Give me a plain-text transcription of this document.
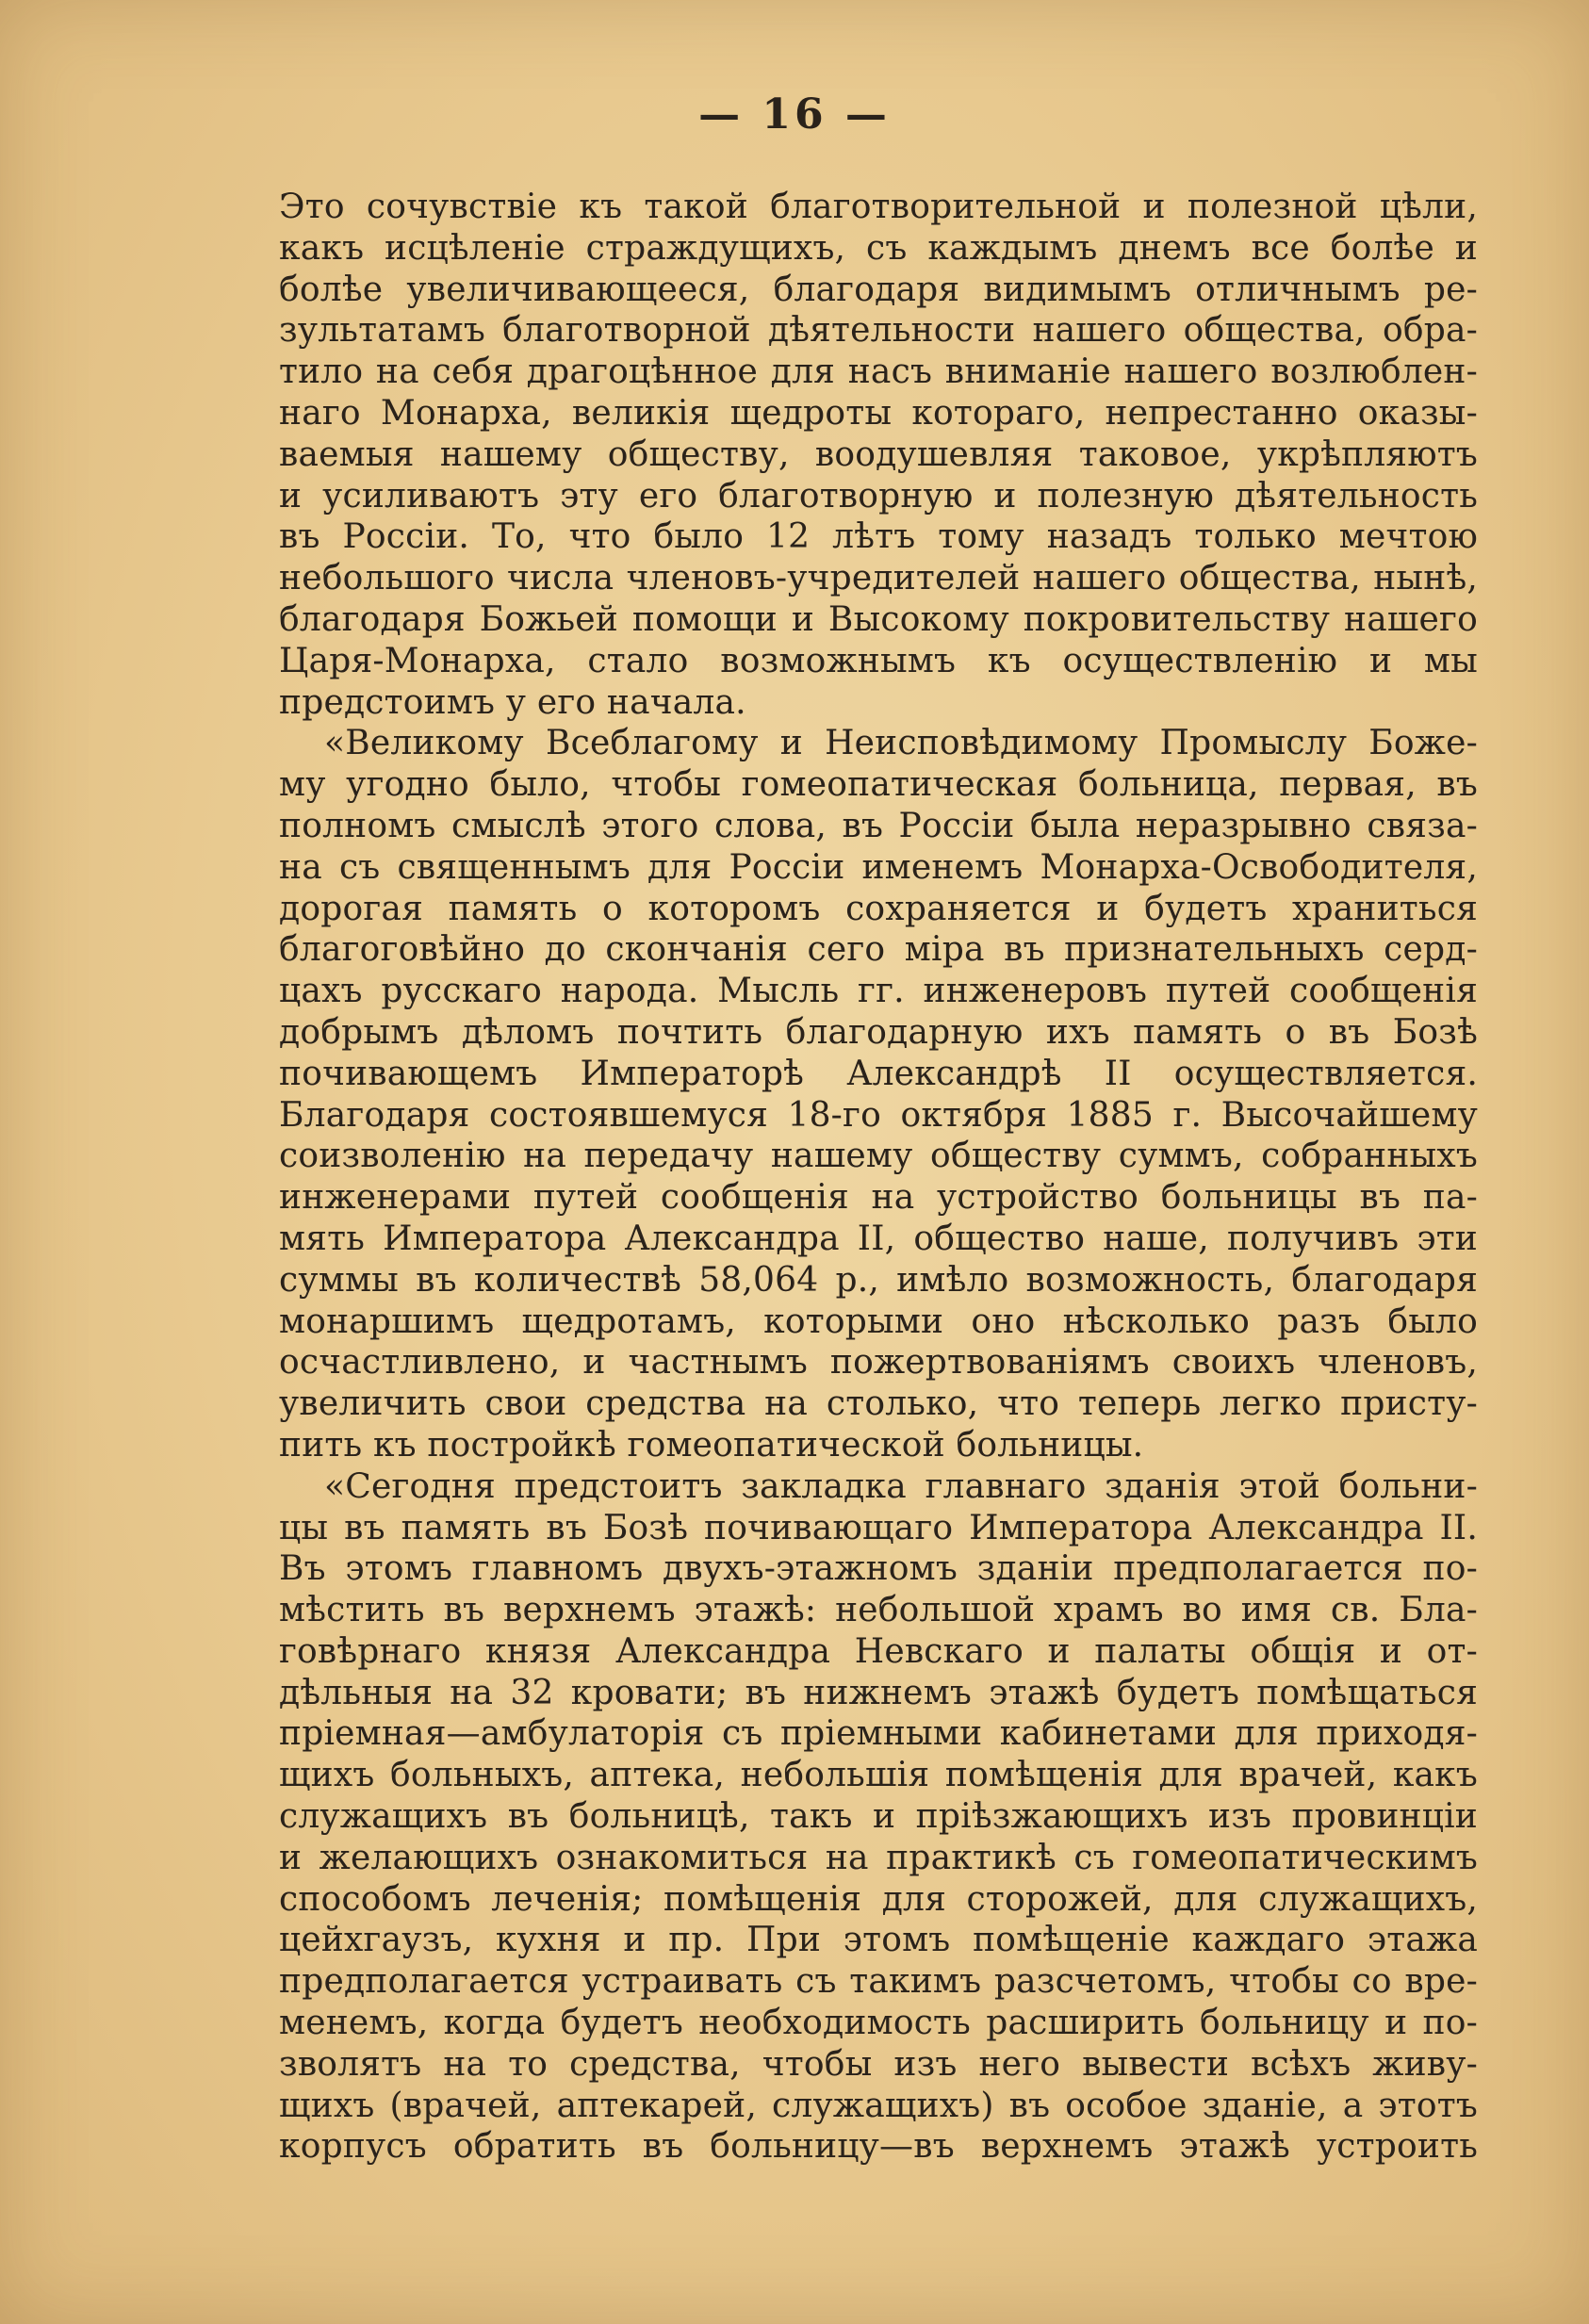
— 16 —
Это сочувствіе къ такой благотворительной и полезной цѣли,
какъ исцѣленіе страждущихъ, съ каждымъ днемъ все болѣе и
болѣе увеличивающееся, благодаря видимымъ отличнымъ ре-
зультатамъ благотворной дѣятельности нашего общества, обра-
тило на себя драгоцѣнное для насъ вниманіе нашего возлюблен-
наго Монарха, великія щедроты котораго, непрестанно оказы-
ваемыя нашему обществу, воодушевляя таковое, укрѣпляютъ
и усиливаютъ эту его благотворную и полезную дѣятельность
въ Россіи. То, что было 12 лѣтъ тому назадъ только мечтою
небольшого числа членовъ-учредителей нашего общества, нынѣ,
благодаря Божьей помощи и Высокому покровительству нашего
Царя-Монарха, стало возможнымъ къ осуществленію и мы
предстоимъ у его начала.
«Великому Всеблагому и Неисповѣдимому Промыслу Боже-
му угодно было, чтобы гомеопатическая больница, первая, въ
полномъ смыслѣ этого слова, въ Россіи была неразрывно связа-
на съ священнымъ для Россіи именемъ Монарха-Освободителя,
дорогая память о которомъ сохраняется и будетъ храниться
благоговѣйно до скончанія сего міра въ признательныхъ серд-
цахъ русскаго народа. Мысль гг. инженеровъ путей сообщенія
добрымъ дѣломъ почтить благодарную ихъ память о въ Бозѣ
почивающемъ Императорѣ Александрѣ II осуществляется.
Благодаря состоявшемуся 18-го октября 1885 г. Высочайшему
соизволенію на передачу нашему обществу суммъ, собранныхъ
инженерами путей сообщенія на устройство больницы въ па-
мять Императора Александра II, общество наше, получивъ эти
суммы въ количествѣ 58,064 р., имѣло возможность, благодаря
монаршимъ щедротамъ, которыми оно нѣсколько разъ было
осчастливлено, и частнымъ пожертвованіямъ своихъ членовъ,
увеличить свои средства на столько, что теперь легко присту-
пить къ постройкѣ гомеопатической больницы.
«Сегодня предстоитъ закладка главнаго зданія этой больни-
цы въ память въ Бозѣ почивающаго Императора Александра II.
Въ этомъ главномъ двухъ-этажномъ зданіи предполагается по-
мѣстить въ верхнемъ этажѣ: небольшой храмъ во имя св. Бла-
говѣрнаго князя Александра Невскаго и палаты общія и от-
дѣльныя на 32 кровати; въ нижнемъ этажѣ будетъ помѣщаться
пріемная—амбулаторія съ пріемными кабинетами для приходя-
щихъ больныхъ, аптека, небольшія помѣщенія для врачей, какъ
служащихъ въ больницѣ, такъ и пріѣзжающихъ изъ провинціи
и желающихъ ознакомиться на практикѣ съ гомеопатическимъ
способомъ леченія; помѣщенія для сторожей, для служащихъ,
цейхгаузъ, кухня и пр. При этомъ помѣщеніе каждаго этажа
предполагается устраивать съ такимъ разсчетомъ, чтобы со вре-
менемъ, когда будетъ необходимость расширить больницу и по-
зволятъ на то средства, чтобы изъ него вывести всѣхъ живу-
щихъ (врачей, аптекарей, служащихъ) въ особое зданіе, а этотъ
корпусъ обратить въ больницу—въ верхнемъ этажѣ устроить
